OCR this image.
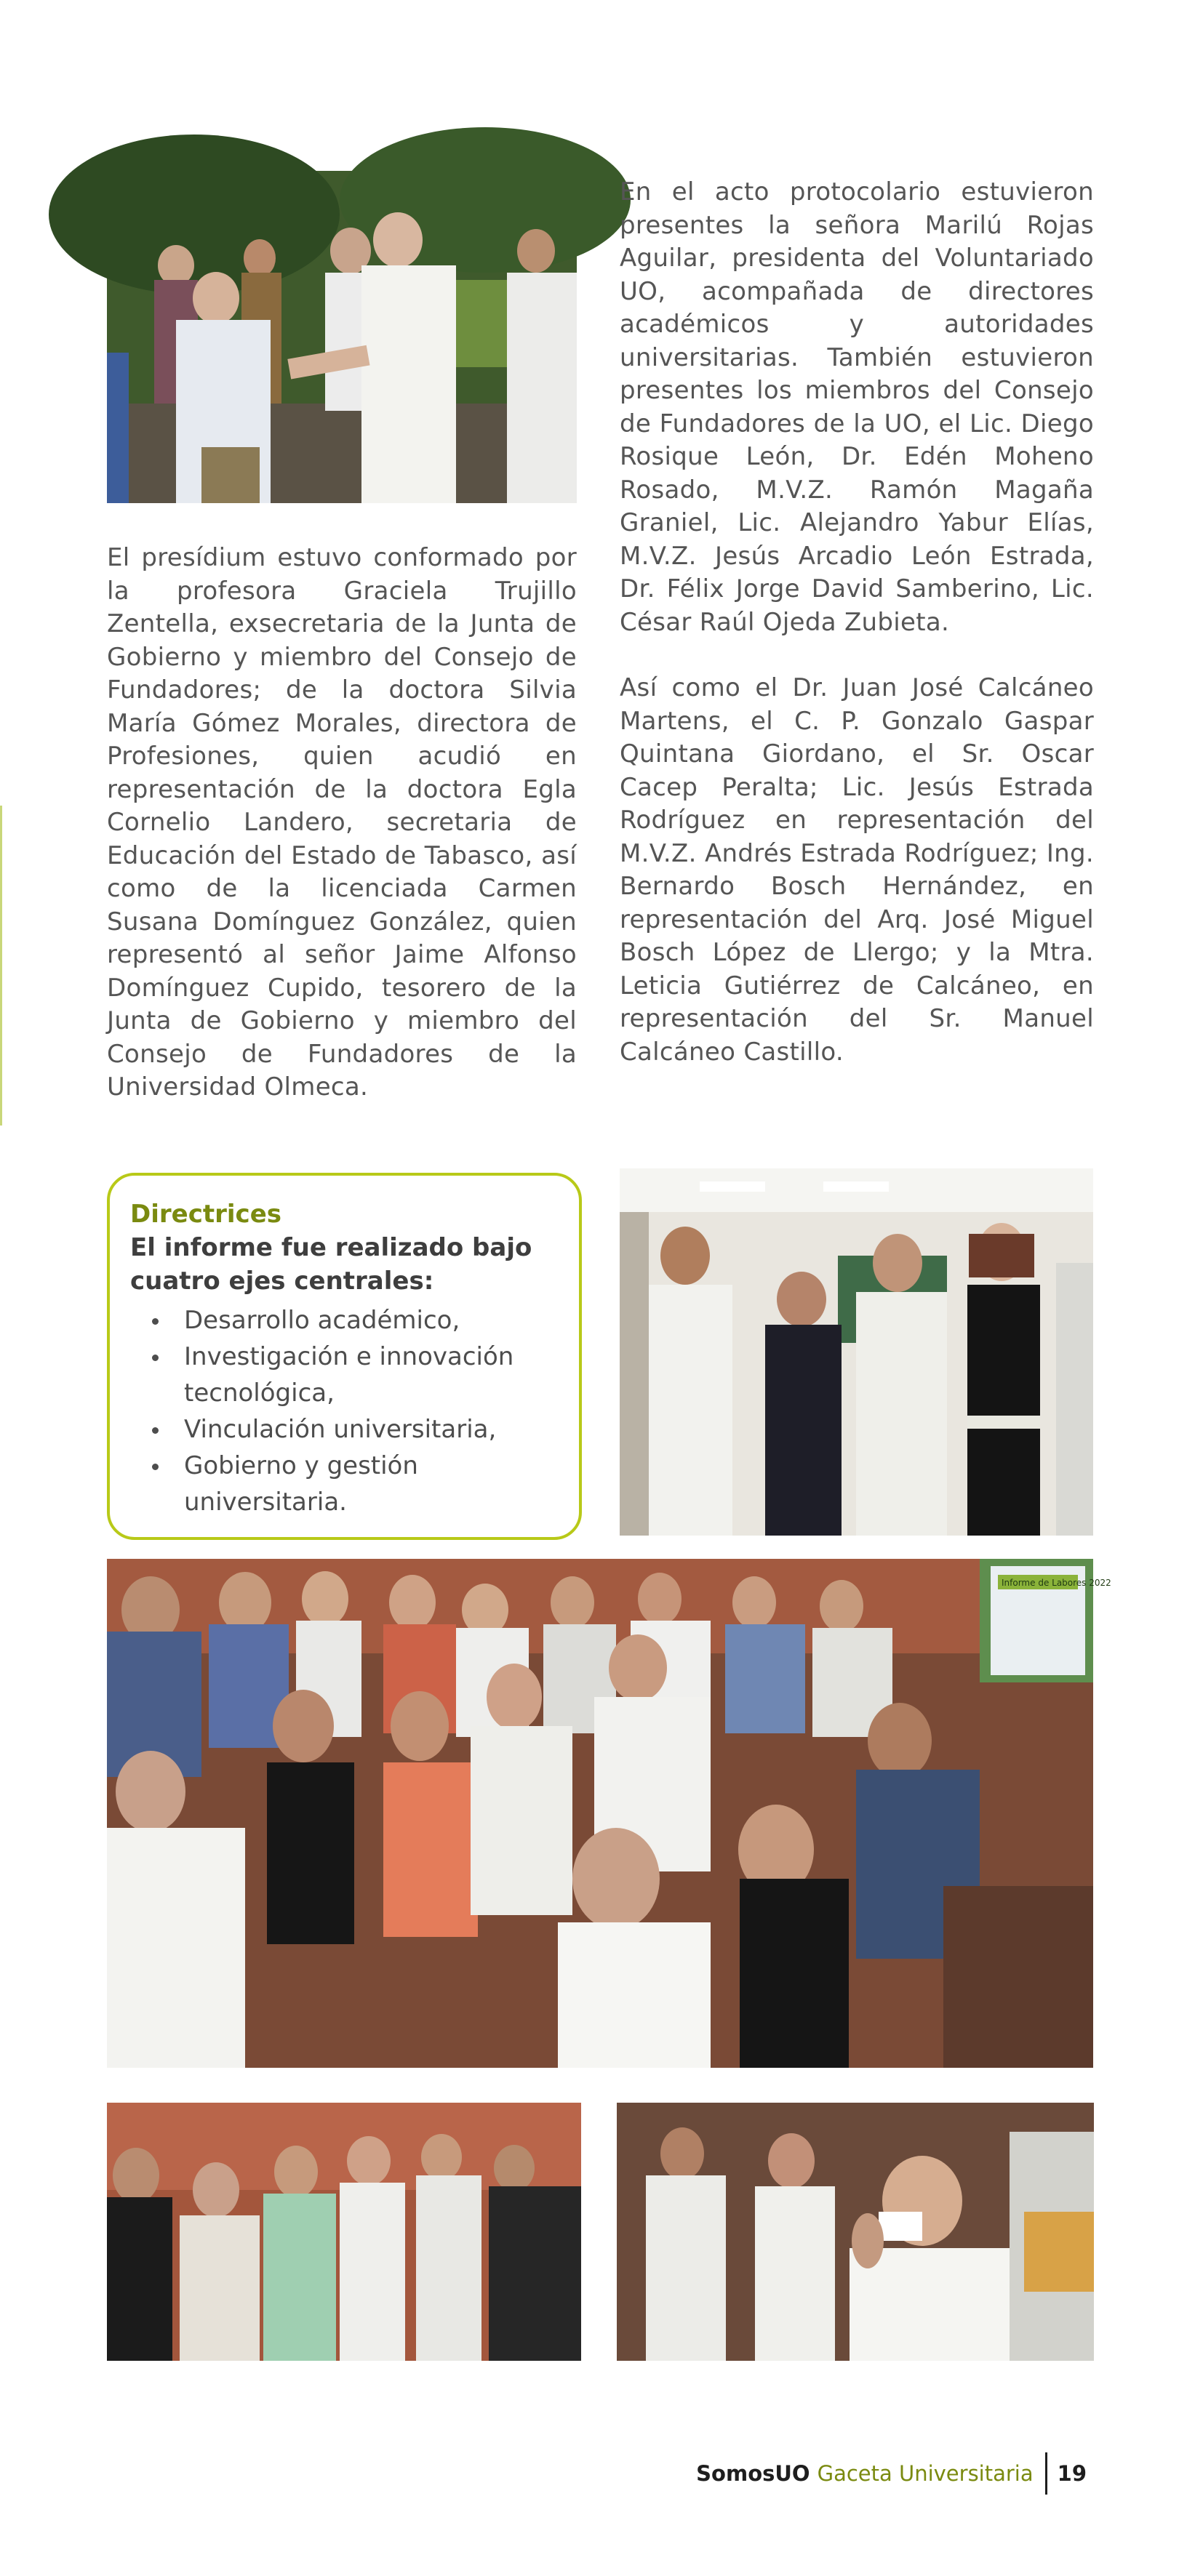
El presídium estuvo conformado por la profesora Graciela Trujillo Zentella, exsecretaria de la Junta de Gobierno y miembro del Consejo de Fundadores; de la doctora Silvia María Gómez Morales, directora de Profesiones, quien acudió en representación de la doctora Egla Cornelio Landero, secretaria de Educación del Estado de Tabasco, así como de la licenciada Carmen Susana Domínguez González, quien representó al señor Jaime Alfonso Domínguez Cupido, tesorero de la Junta de Gobierno y miembro del Consejo de Fundadores de la Universidad Olmeca.

En el acto protocolario estuvieron presentes la señora Marilú Rojas Aguilar, presidenta del Voluntariado UO, acompañada de directores académicos y autoridades universitarias. También estuvieron presentes los miembros del Consejo de Fundadores de la UO, el Lic. Diego Rosique León, Dr. Edén Moheno Rosado, M.V.Z. Ramón Magaña Graniel, Lic. Alejandro Yabur Elías, M.V.Z. Jesús Arcadio León Estrada, Dr. Félix Jorge David Samberino, Lic. César Raúl Ojeda Zubieta.

Así como el Dr. Juan José Calcáneo Martens, el C. P. Gonzalo Gaspar Quintana Giordano, el Sr. Oscar Cacep Peralta; Lic. Jesús Estrada Rodríguez en representación del M.V.Z. Andrés Estrada Rodríguez; Ing. Bernardo Bosch Hernández, en representación del Arq. José Miguel Bosch López de Llergo; y la Mtra. Leticia Gutiérrez de Calcáneo, en representación del Sr. Manuel Calcáneo Castillo.

Directrices
El informe fue realizado bajo cuatro ejes centrales:
Desarrollo académico,
Investigación e innovación tecnológica,
Vinculación universitaria,
Gobierno y gestión universitaria.
Informe de Labores 2022
SomosUO Gaceta Universitaria 19
